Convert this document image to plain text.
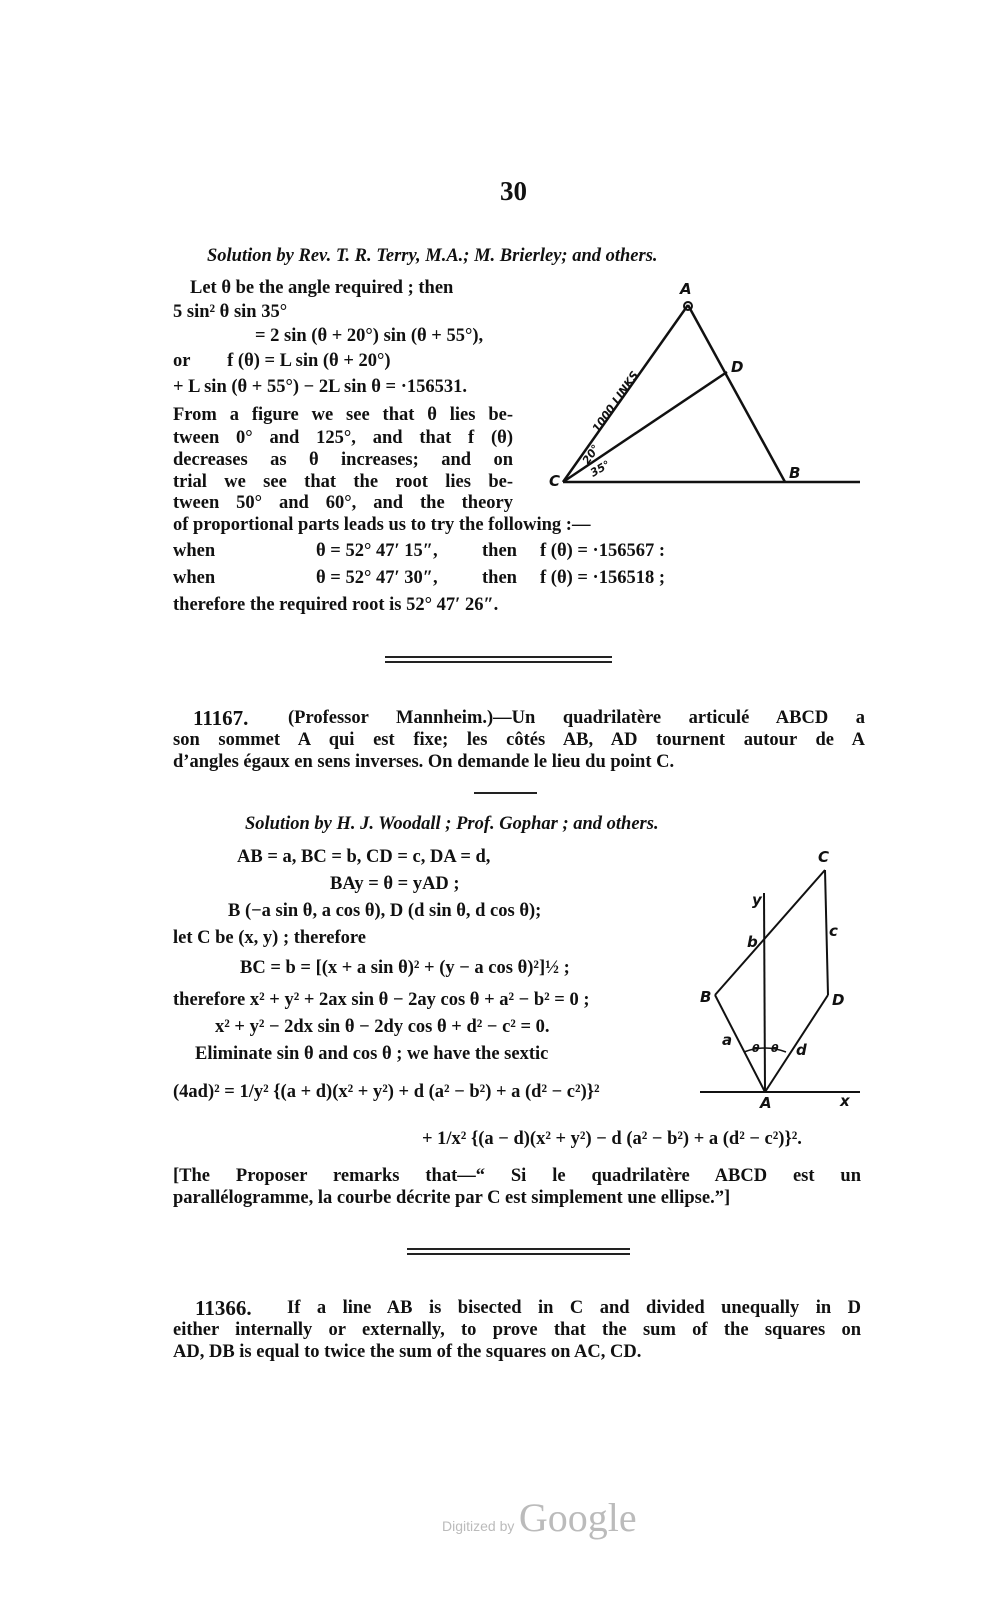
30
Solution by Rev. T. R. Terry, M.A.; M. Brierley; and others.
Let θ be the angle required ; then
5 sin² θ sin 35°
= 2 sin (θ + 20°) sin (θ + 55°),
or        f (θ) = L sin (θ + 20°)
+ L sin (θ + 55°) − 2L sin θ = ·156531.
From a figure we see that θ lies be-
tween 0° and 125°, and that f (θ)
decreases as θ increases; and on
trial we see that the root lies be-
tween 50° and 60°, and the theory
of proportional parts leads us to try the following :—
when	θ = 52° 47′ 15″, then f (θ) = ·156567 :
when	θ = 52° 47′ 30″, then f (θ) = ·156518 ;
therefore the required root is 52° 47′ 26″.
A
D
C	B
1000 LINKS
20°
35°
C
y
b
c
B	D
a θ θ d
A	x
11167. (Professor Mannheim.)—Un quadrilatère articulé ABCD a
son sommet A qui est fixe; les côtés AB, AD tournent autour de A
d’angles égaux en sens inverses. On demande le lieu du point C.
Solution by H. J. Woodall ; Prof. Gophar ; and others.
AB = a, BC = b, CD = c, DA = d,
BAy = θ = yAD ;
B (−a sin θ, a cos θ), D (d sin θ, d cos θ);
let C be (x, y) ; therefore
BC = b = [(x + a sin θ)² + (y − a cos θ)²]½ ;
therefore x² + y² + 2ax sin θ − 2ay cos θ + a² − b² = 0 ;
x² + y² − 2dx sin θ − 2dy cos θ + d² − c² = 0.
Eliminate sin θ and cos θ ; we have the sextic
(4ad)² = 1/y² {(a + d)(x² + y²) + d (a² − b²) + a (d² − c²)}²
+ 1/x² {(a − d)(x² + y²) − d (a² − b²) + a (d² − c²)}².
[The Proposer remarks that—“ Si le quadrilatère ABCD est un
parallélogramme, la courbe décrite par C est simplement une ellipse.”]
11366. If a line AB is bisected in C and divided unequally in D
either internally or externally, to prove that the sum of the squares on
AD, DB is equal to twice the sum of the squares on AC, CD.
Digitized by Google
